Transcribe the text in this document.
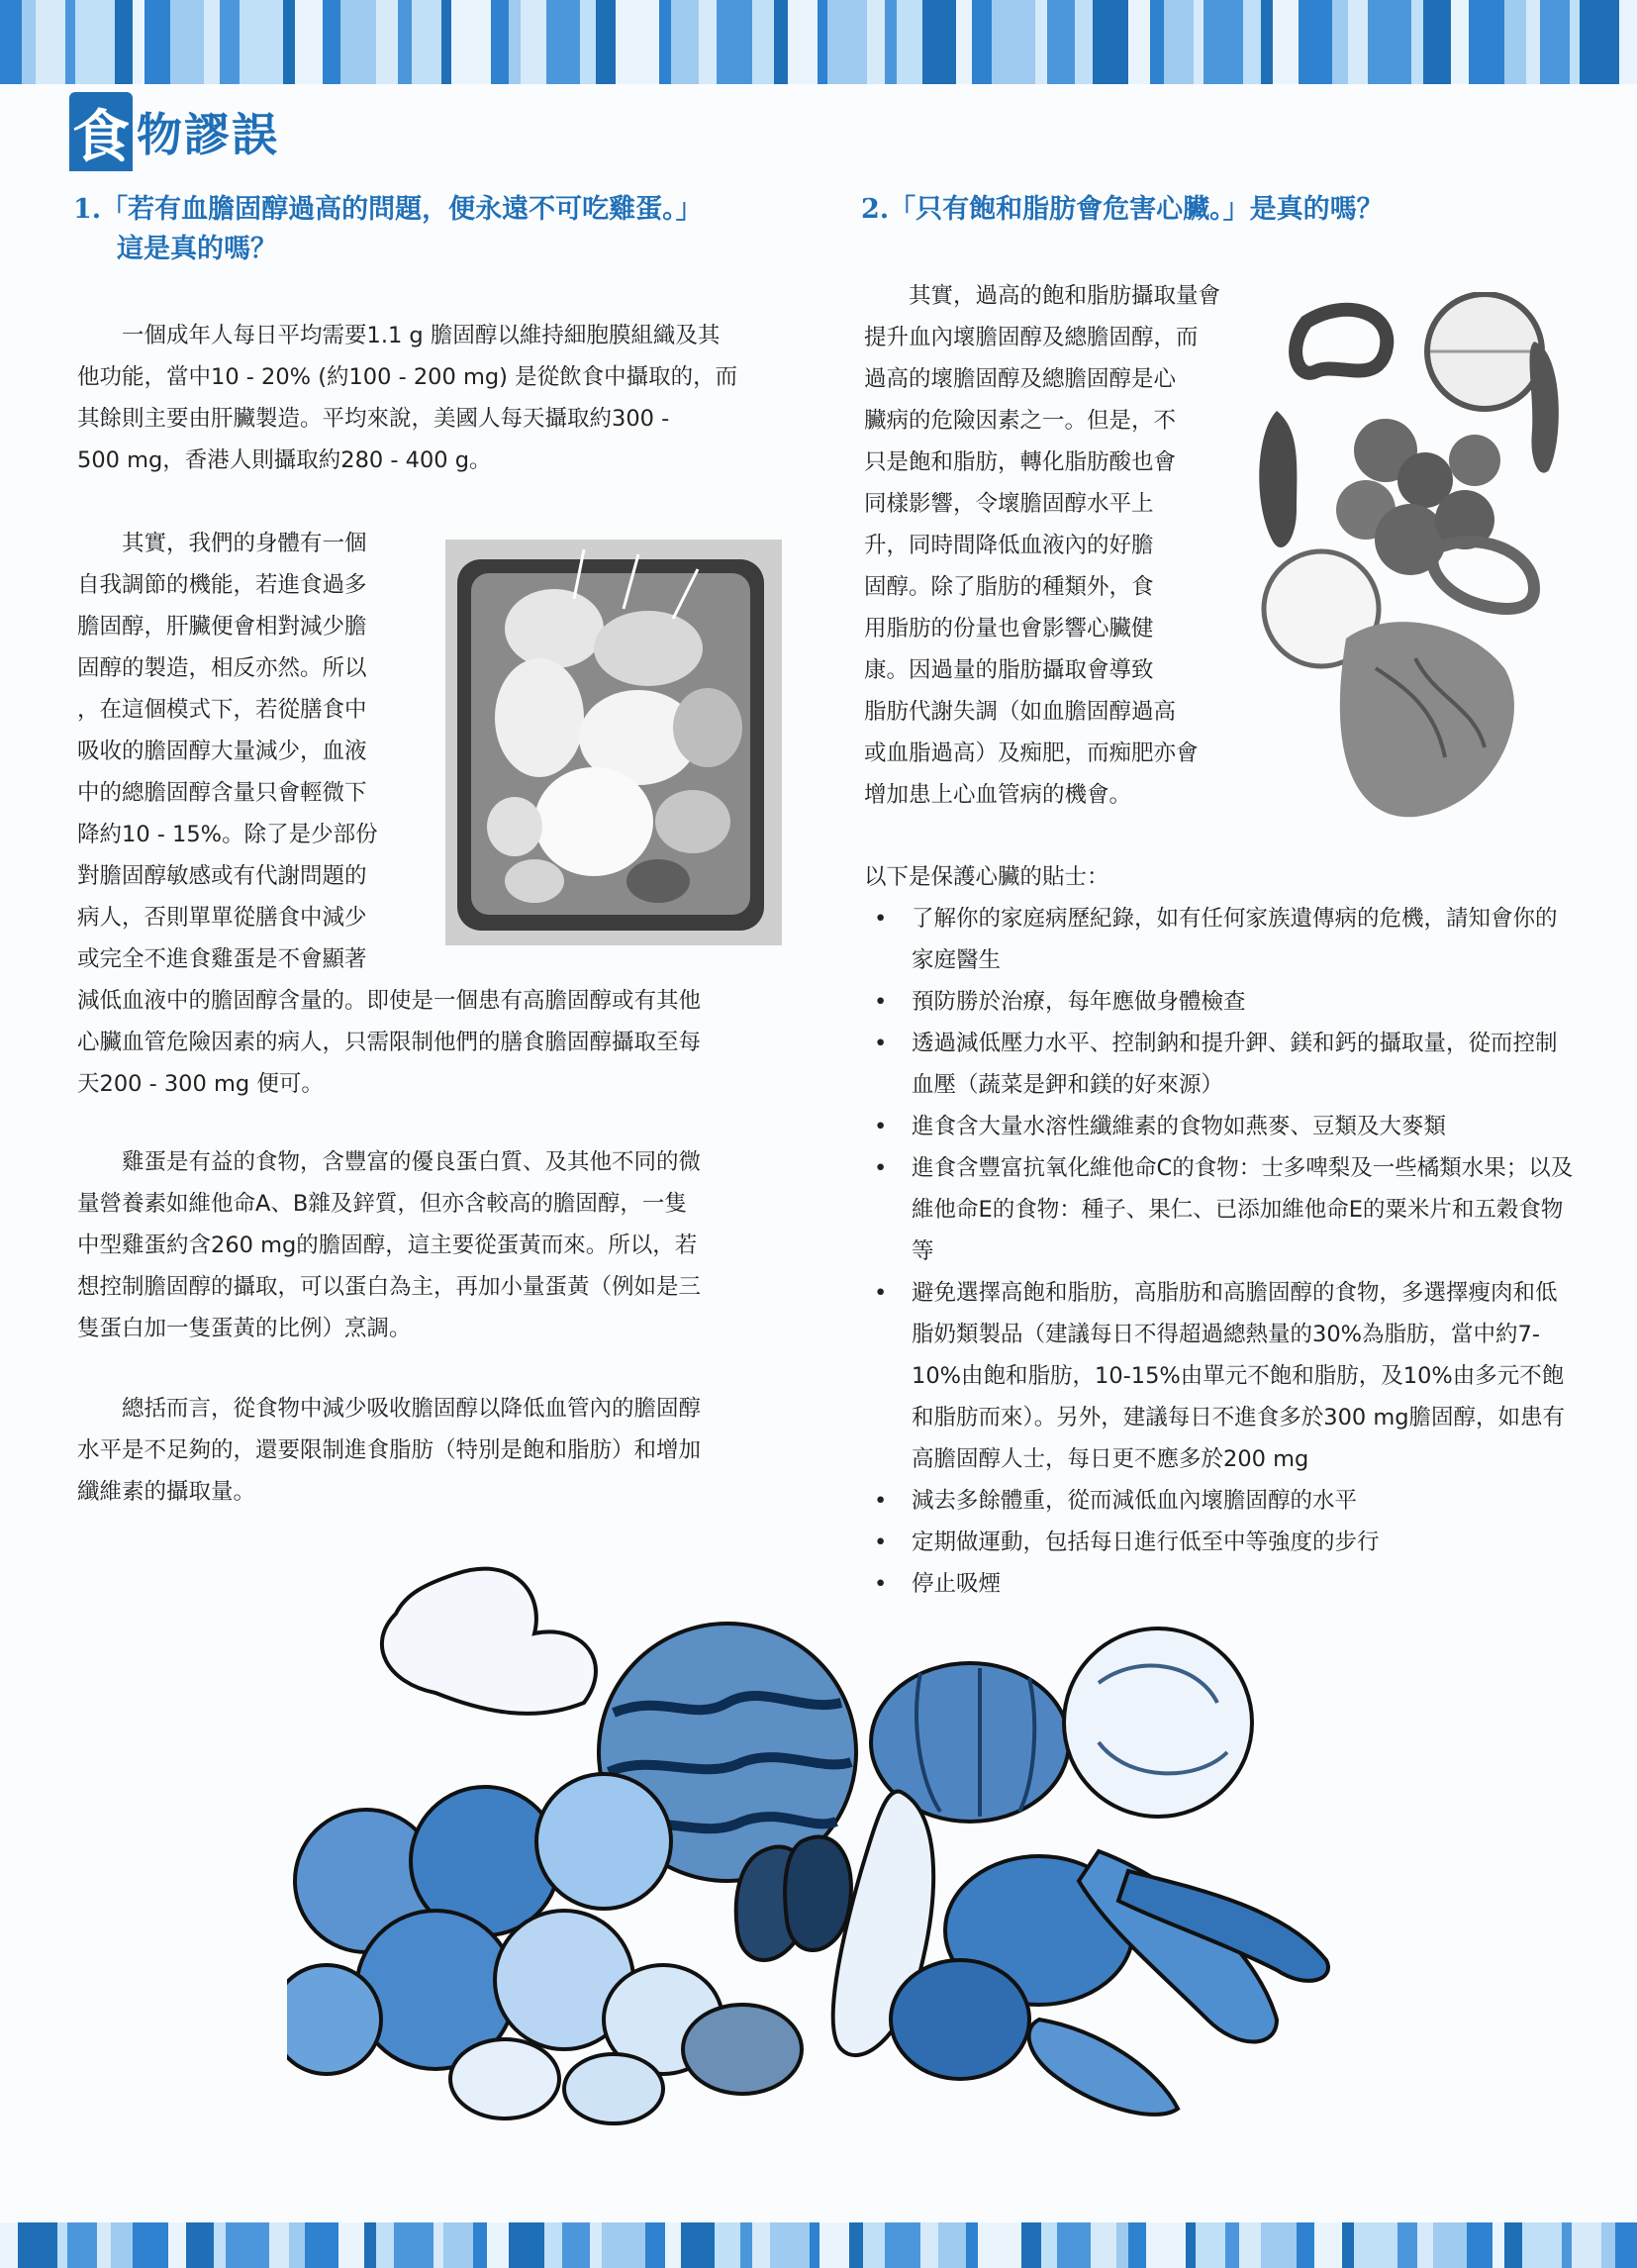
食 物謬誤
1.「若有血膽固醇過高的問題，便永遠不可吃雞蛋。」
這是真的嗎？

一個成年人每日平均需要1.1 g 膽固醇以維持細胞膜組織及其

他功能，當中10 - 20% (約100 - 200 mg) 是從飲食中攝取的，而

其餘則主要由肝臟製造。平均來說，美國人每天攝取約300 -

500 mg，香港人則攝取約280 - 400 g。

其實，我們的身體有一個

自我調節的機能，若進食過多

膽固醇，肝臟便會相對減少膽

固醇的製造，相反亦然。所以

，在這個模式下，若從膳食中

吸收的膽固醇大量減少，血液

中的總膽固醇含量只會輕微下

降約10 - 15%。除了是少部份

對膽固醇敏感或有代謝問題的

病人，否則單單從膳食中減少

或完全不進食雞蛋是不會顯著

減低血液中的膽固醇含量的。即使是一個患有高膽固醇或有其他

心臟血管危險因素的病人，只需限制他們的膳食膽固醇攝取至每

天200 - 300 mg 便可。

雞蛋是有益的食物，含豐富的優良蛋白質、及其他不同的微

量營養素如維他命A、B雜及鋅質，但亦含較高的膽固醇，一隻

中型雞蛋約含260 mg的膽固醇，這主要從蛋黃而來。所以，若

想控制膽固醇的攝取，可以蛋白為主，再加小量蛋黃（例如是三

隻蛋白加一隻蛋黃的比例）烹調。

總括而言，從食物中減少吸收膽固醇以降低血管內的膽固醇

水平是不足夠的，還要限制進食脂肪（特別是飽和脂肪）和增加

纖維素的攝取量。

2.「只有飽和脂肪會危害心臟。」是真的嗎？

其實，過高的飽和脂肪攝取量會

提升血內壞膽固醇及總膽固醇，而

過高的壞膽固醇及總膽固醇是心

臟病的危險因素之一。但是，不

只是飽和脂肪，轉化脂肪酸也會

同樣影響，令壞膽固醇水平上

升，同時間降低血液內的好膽

固醇。除了脂肪的種類外，食

用脂肪的份量也會影響心臟健

康。因過量的脂肪攝取會導致

脂肪代謝失調（如血膽固醇過高

或血脂過高）及痴肥，而痴肥亦會

增加患上心血管病的機會。

以下是保護心臟的貼士：
• 了解你的家庭病歷紀錄，如有任何家族遺傳病的危機，請知會你的家庭醫生
• 預防勝於治療，每年應做身體檢查
• 透過減低壓力水平、控制鈉和提升鉀、鎂和鈣的攝取量，從而控制血壓（蔬菜是鉀和鎂的好來源）
• 進食含大量水溶性纖維素的食物如燕麥、豆類及大麥類
• 進食含豐富抗氧化維他命C的食物：士多啤梨及一些橘類水果；以及維他命E的食物：種子、果仁、已添加維他命E的粟米片和五穀食物等
• 避免選擇高飽和脂肪，高脂肪和高膽固醇的食物，多選擇瘦肉和低脂奶類製品（建議每日不得超過總熱量的30%為脂肪，當中約7-10%由飽和脂肪，10-15%由單元不飽和脂肪，及10%由多元不飽和脂肪而來）。另外，建議每日不進食多於300 mg膽固醇，如患有高膽固醇人士，每日更不應多於200 mg
• 減去多餘體重，從而減低血內壞膽固醇的水平
• 定期做運動，包括每日進行低至中等強度的步行
• 停止吸煙
